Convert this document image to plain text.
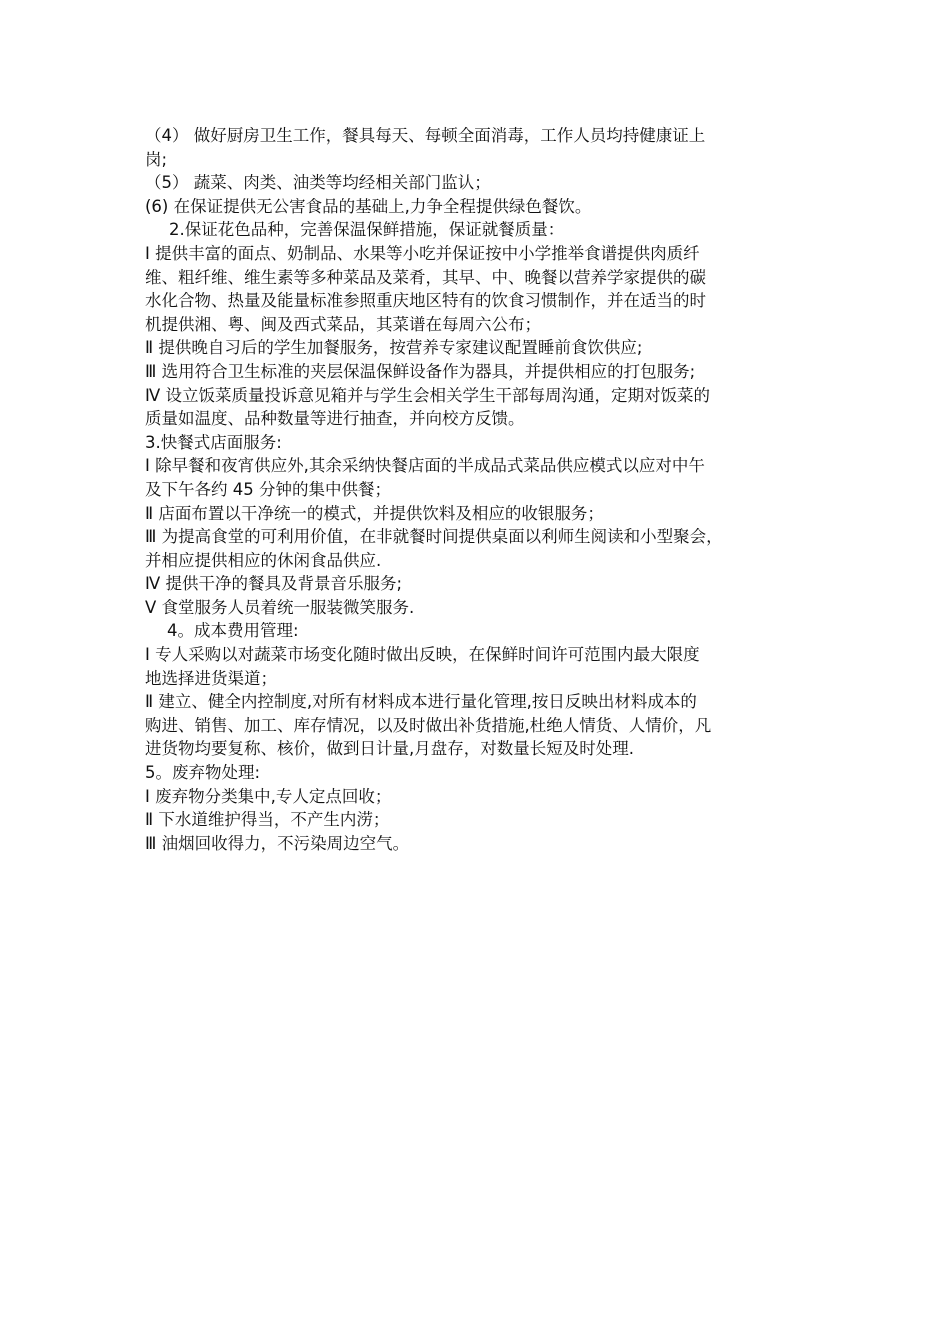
（4） 做好厨房卫生工作，餐具每天、每顿全面消毒，工作人员均持健康证上
岗;
（5） 蔬菜、肉类、油类等均经相关部门监认；
(6) 在保证提供无公害食品的基础上,力争全程提供绿色餐饮。
2.保证花色品种，完善保温保鲜措施，保证就餐质量：
Ⅰ 提供丰富的面点、奶制品、水果等小吃并保证按中小学推举食谱提供肉质纤
维、粗纤维、维生素等多种菜品及菜肴，其早、中、晚餐以营养学家提供的碳
水化合物、热量及能量标准参照重庆地区特有的饮食习惯制作，并在适当的时
机提供湘、粤、闽及西式菜品，其菜谱在每周六公布；
Ⅱ 提供晚自习后的学生加餐服务，按营养专家建议配置睡前食饮供应;
Ⅲ 选用符合卫生标准的夹层保温保鲜设备作为器具，并提供相应的打包服务;
Ⅳ 设立饭菜质量投诉意见箱并与学生会相关学生干部每周沟通，定期对饭菜的
质量如温度、品种数量等进行抽查，并向校方反馈。
3.快餐式店面服务:
Ⅰ 除早餐和夜宵供应外,其余采纳快餐店面的半成品式菜品供应模式以应对中午
及下午各约 45 分钟的集中供餐；
Ⅱ 店面布置以干净统一的模式，并提供饮料及相应的收银服务；
Ⅲ 为提高食堂的可利用价值，在非就餐时间提供桌面以利师生阅读和小型聚会，
并相应提供相应的休闲食品供应.
Ⅳ 提供干净的餐具及背景音乐服务;
Ⅴ 食堂服务人员着统一服装微笑服务.
4。成本费用管理:
Ⅰ 专人采购以对蔬菜市场变化随时做出反映，在保鲜时间许可范围内最大限度
地选择进货渠道；
Ⅱ 建立、健全内控制度,对所有材料成本进行量化管理,按日反映出材料成本的
购进、销售、加工、库存情况，以及时做出补货措施,杜绝人情货、人情价，凡
进货物均要复称、核价，做到日计量,月盘存，对数量长短及时处理.
5。废弃物处理:
Ⅰ 废弃物分类集中,专人定点回收；
Ⅱ 下水道维护得当，不产生内涝；
Ⅲ 油烟回收得力，不污染周边空气。
